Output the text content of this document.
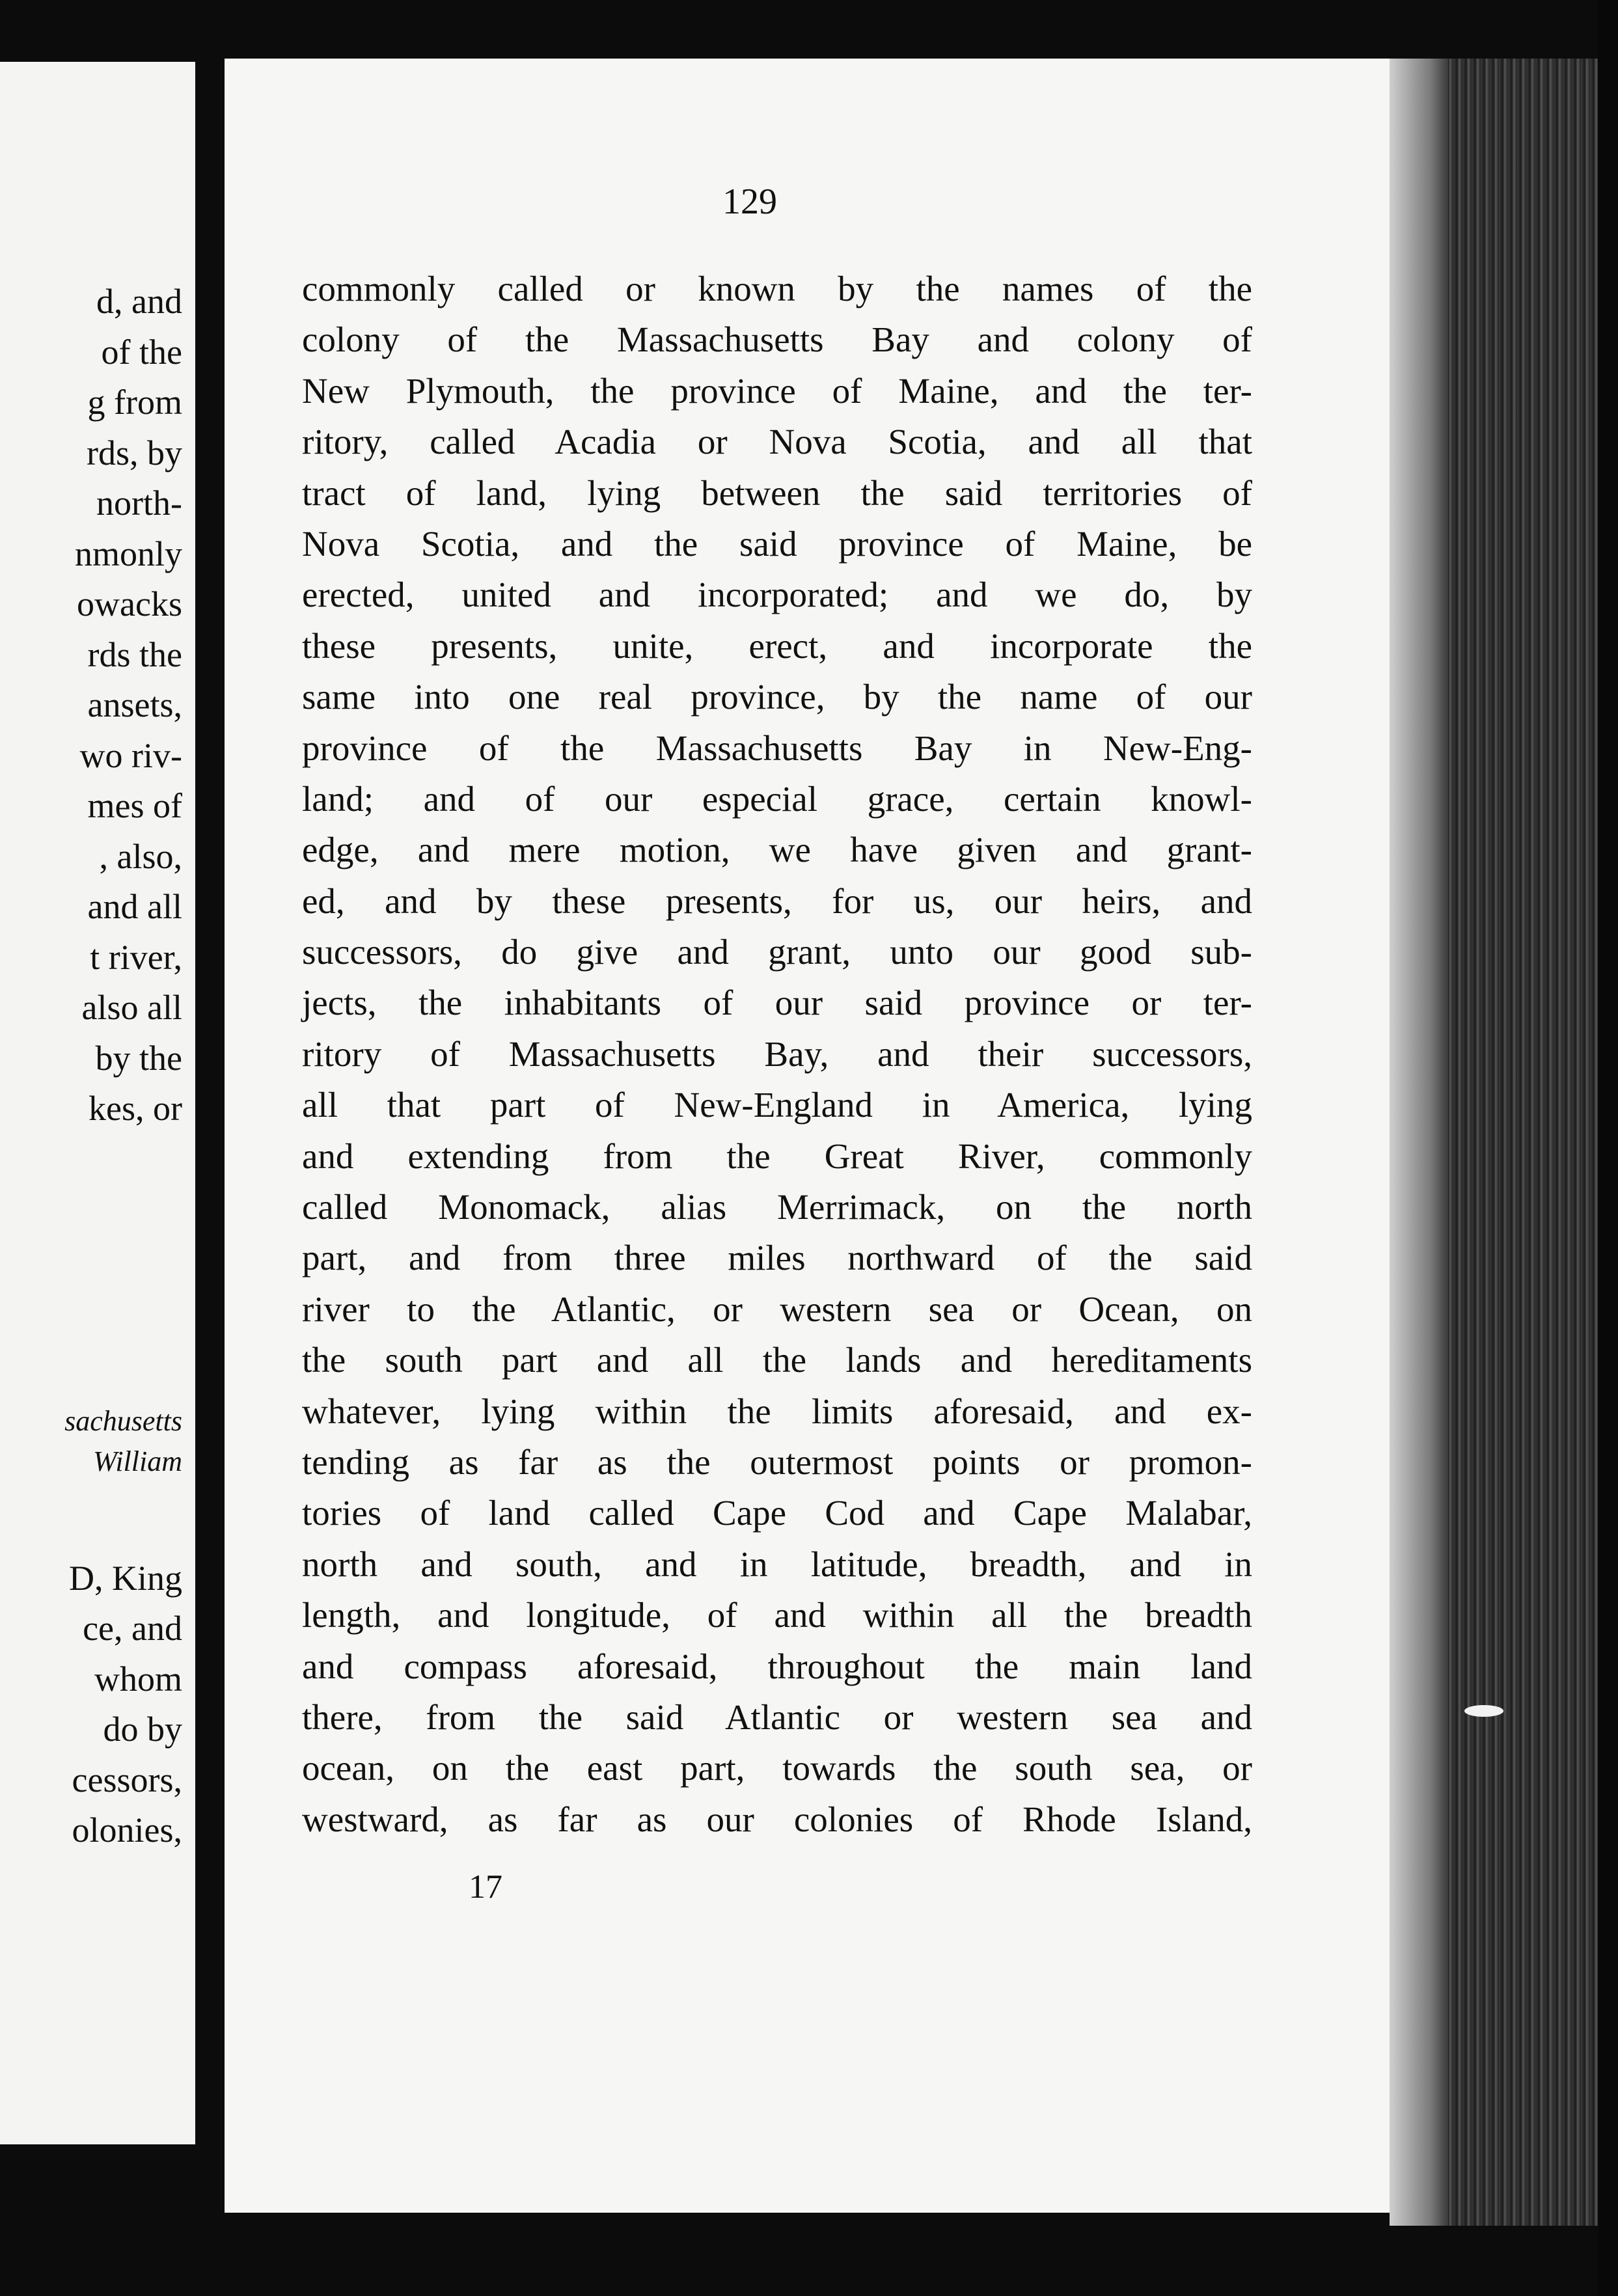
d, and
of the
g from
rds, by
north-
nmonly
owacks
rds the
ansets,
wo riv-
mes of
, also,
and all
t river,
also all
by the
kes, or
sachusetts
William
D, King
ce, and
whom
do by
cessors,
olonies,

129

commonly called or known by the names of the
colony of the Massachusetts Bay and colony of
New Plymouth, the province of Maine, and the ter-
ritory, called Acadia or Nova Scotia, and all that
tract of land, lying between the said territories of
Nova Scotia, and the said province of Maine, be
erected, united and incorporated; and we do, by
these presents, unite, erect, and incorporate the
same into one real province, by the name of our
province of the Massachusetts Bay in New-Eng-
land; and of our especial grace, certain knowl-
edge, and mere motion, we have given and grant-
ed, and by these presents, for us, our heirs, and
successors, do give and grant, unto our good sub-
jects, the inhabitants of our said province or ter-
ritory of Massachusetts Bay, and their successors,
all that part of New-England in America, lying
and extending from the Great River, commonly
called Monomack, alias Merrimack, on the north
part, and from three miles northward of the said
river to the Atlantic, or western sea or Ocean, on
the south part and all the lands and hereditaments
whatever, lying within the limits aforesaid, and ex-
tending as far as the outermost points or promon-
tories of land called Cape Cod and Cape Malabar,
north and south, and in latitude, breadth, and in
length, and longitude, of and within all the breadth
and compass aforesaid, throughout the main land
there, from the said Atlantic or western sea and
ocean, on the east part, towards the south sea, or
westward, as far as our colonies of Rhode Island,

17
